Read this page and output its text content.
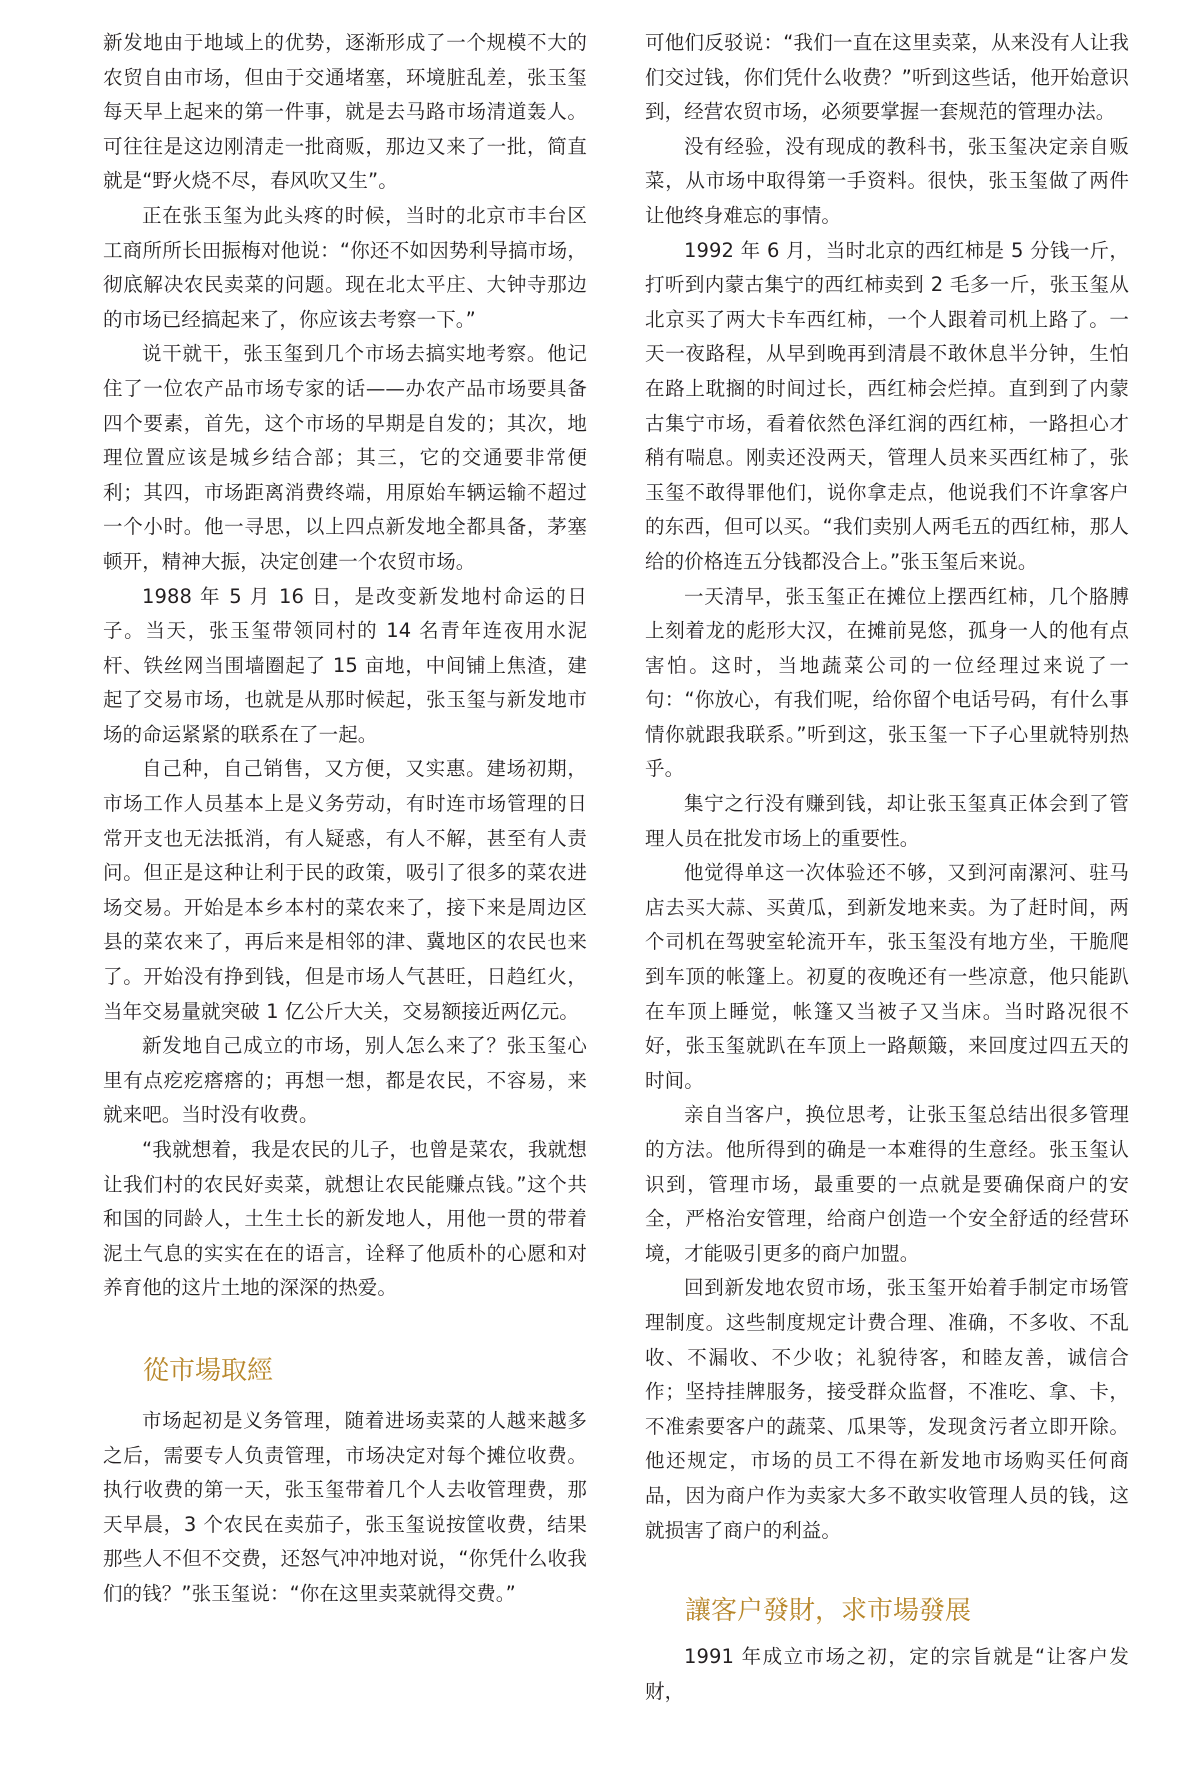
新发地由于地域上的优势，逐渐形成了一个规模不大的农贸自由市场，但由于交通堵塞，环境脏乱差，张玉玺每天早上起来的第一件事，就是去马路市场清道轰人。可往往是这边刚清走一批商贩，那边又来了一批，简直就是“野火烧不尽，春风吹又生”。

正在张玉玺为此头疼的时候，当时的北京市丰台区工商所所长田振梅对他说：“你还不如因势利导搞市场，彻底解决农民卖菜的问题。现在北太平庄、大钟寺那边的市场已经搞起来了，你应该去考察一下。”

说干就干，张玉玺到几个市场去搞实地考察。他记住了一位农产品市场专家的话——办农产品市场要具备四个要素，首先，这个市场的早期是自发的；其次，地理位置应该是城乡结合部；其三，它的交通要非常便利；其四，市场距离消费终端，用原始车辆运输不超过一个小时。他一寻思，以上四点新发地全都具备，茅塞顿开，精神大振，决定创建一个农贸市场。

1988 年 5 月 16 日，是改变新发地村命运的日子。当天，张玉玺带领同村的 14 名青年连夜用水泥杆、铁丝网当围墙圈起了 15 亩地，中间铺上焦渣，建起了交易市场，也就是从那时候起，张玉玺与新发地市场的命运紧紧的联系在了一起。

自己种，自己销售，又方便，又实惠。建场初期，市场工作人员基本上是义务劳动，有时连市场管理的日常开支也无法抵消，有人疑惑，有人不解，甚至有人责问。但正是这种让利于民的政策，吸引了很多的菜农进场交易。开始是本乡本村的菜农来了，接下来是周边区县的菜农来了，再后来是相邻的津、冀地区的农民也来了。开始没有挣到钱，但是市场人气甚旺，日趋红火，当年交易量就突破 1 亿公斤大关，交易额接近两亿元。

新发地自己成立的市场，别人怎么来了？张玉玺心里有点疙疙瘩瘩的；再想一想，都是农民，不容易，来就来吧。当时没有收费。

“我就想着，我是农民的儿子，也曾是菜农，我就想让我们村的农民好卖菜，就想让农民能赚点钱。”这个共和国的同龄人，土生土长的新发地人，用他一贯的带着泥土气息的实实在在的语言，诠释了他质朴的心愿和对养育他的这片土地的深深的热爱。

從市場取經

市场起初是义务管理，随着进场卖菜的人越来越多之后，需要专人负责管理，市场决定对每个摊位收费。执行收费的第一天，张玉玺带着几个人去收管理费，那天早晨，3 个农民在卖茄子，张玉玺说按筐收费，结果那些人不但不交费，还怒气冲冲地对说，“你凭什么收我们的钱？”张玉玺说：“你在这里卖菜就得交费。”

可他们反驳说：“我们一直在这里卖菜，从来没有人让我们交过钱，你们凭什么收费？”听到这些话，他开始意识到，经营农贸市场，必须要掌握一套规范的管理办法。

没有经验，没有现成的教科书，张玉玺决定亲自贩菜，从市场中取得第一手资料。很快，张玉玺做了两件让他终身难忘的事情。

1992 年 6 月，当时北京的西红柿是 5 分钱一斤，打听到内蒙古集宁的西红柿卖到 2 毛多一斤，张玉玺从北京买了两大卡车西红柿，一个人跟着司机上路了。一天一夜路程，从早到晚再到清晨不敢休息半分钟，生怕在路上耽搁的时间过长，西红柿会烂掉。直到到了内蒙古集宁市场，看着依然色泽红润的西红柿，一路担心才稍有喘息。刚卖还没两天，管理人员来买西红柿了，张玉玺不敢得罪他们，说你拿走点，他说我们不许拿客户的东西，但可以买。“我们卖别人两毛五的西红柿，那人给的价格连五分钱都没合上。”张玉玺后来说。

一天清早，张玉玺正在摊位上摆西红柿，几个胳膊上刻着龙的彪形大汉，在摊前晃悠，孤身一人的他有点害怕。这时，当地蔬菜公司的一位经理过来说了一句：“你放心，有我们呢，给你留个电话号码，有什么事情你就跟我联系。”听到这，张玉玺一下子心里就特别热乎。

集宁之行没有赚到钱，却让张玉玺真正体会到了管理人员在批发市场上的重要性。

他觉得单这一次体验还不够，又到河南漯河、驻马店去买大蒜、买黄瓜，到新发地来卖。为了赶时间，两个司机在驾驶室轮流开车，张玉玺没有地方坐，干脆爬到车顶的帐篷上。初夏的夜晚还有一些凉意，他只能趴在车顶上睡觉，帐篷又当被子又当床。当时路况很不好，张玉玺就趴在车顶上一路颠簸，来回度过四五天的时间。

亲自当客户，换位思考，让张玉玺总结出很多管理的方法。他所得到的确是一本难得的生意经。张玉玺认识到，管理市场，最重要的一点就是要确保商户的安全，严格治安管理，给商户创造一个安全舒适的经营环境，才能吸引更多的商户加盟。

回到新发地农贸市场，张玉玺开始着手制定市场管理制度。这些制度规定计费合理、准确，不多收、不乱收、不漏收、不少收；礼貌待客，和睦友善，诚信合作；坚持挂牌服务，接受群众监督，不准吃、拿、卡，不准索要客户的蔬菜、瓜果等，发现贪污者立即开除。他还规定，市场的员工不得在新发地市场购买任何商品，因为商户作为卖家大多不敢实收管理人员的钱，这就损害了商户的利益。

讓客户發財，求市場發展

1991 年成立市场之初，定的宗旨就是“让客户发财，
